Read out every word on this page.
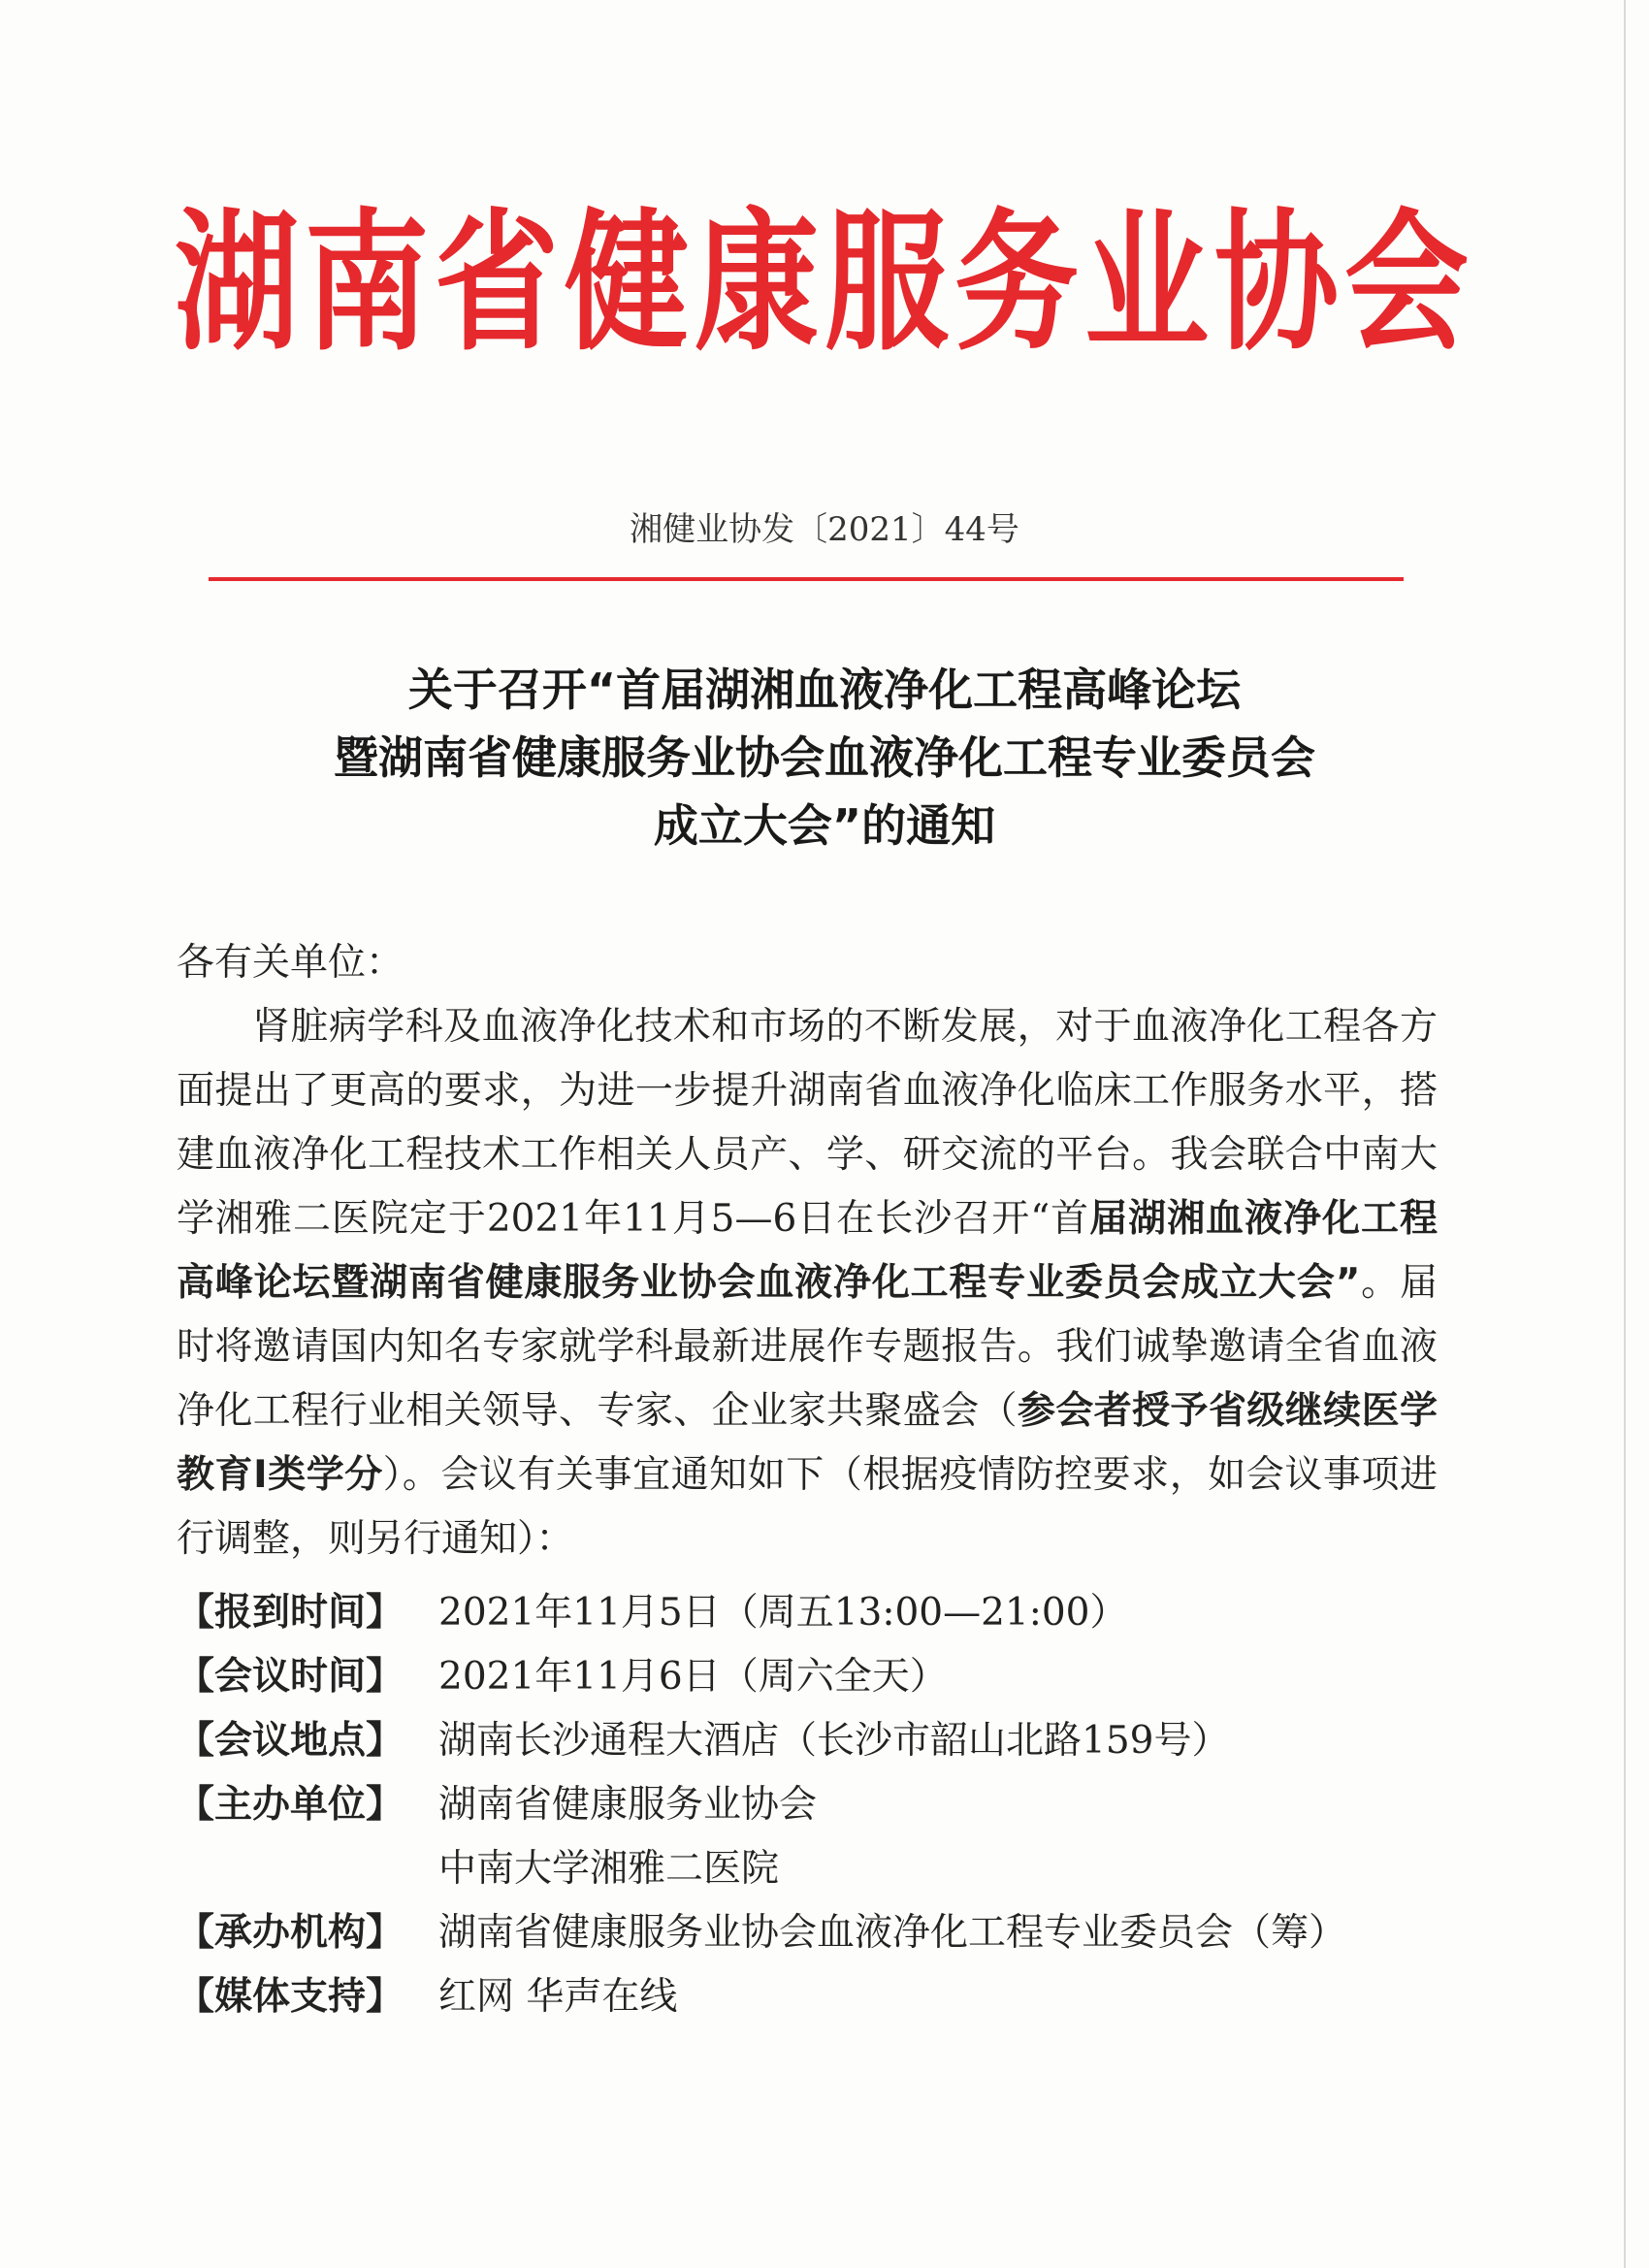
湖南省健康服务业协会
湘健业协发〔2021〕44号
关于召开“首届湖湘血液净化工程高峰论坛
暨湖南省健康服务业协会血液净化工程专业委员会
成立大会”的通知
各有关单位：
肾脏病学科及血液净化技术和市场的不断发展，对于血液净化工程各方面提出了更高的要求，为进一步提升湖南省血液净化临床工作服务水平，搭建血液净化工程技术工作相关人员产、学、研交流的平台。我会联合中南大学湘雅二医院定于2021年11月5—6日在长沙召开“首届湖湘血液净化工程高峰论坛暨湖南省健康服务业协会血液净化工程专业委员会成立大会”。届时将邀请国内知名专家就学科最新进展作专题报告。我们诚挚邀请全省血液净化工程行业相关领导、专家、企业家共聚盛会（参会者授予省级继续医学教育Ⅰ类学分）。会议有关事宜通知如下（根据疫情防控要求，如会议事项进行调整，则另行通知）：
【报到时间】 2021年11月5日（周五13:00—21:00）
【会议时间】 2021年11月6日（周六全天）
【会议地点】 湖南长沙通程大酒店（长沙市韶山北路159号）
【主办单位】 湖南省健康服务业协会
中南大学湘雅二医院
【承办机构】 湖南省健康服务业协会血液净化工程专业委员会（筹）
【媒体支持】 红网 华声在线
